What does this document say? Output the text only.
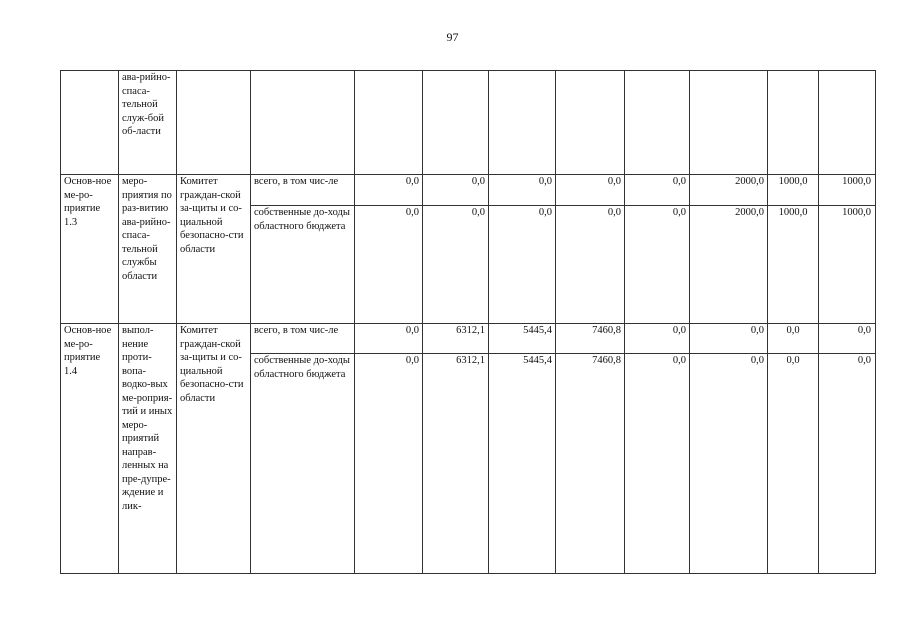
97
	ава-рийно-спаса-тельной служ-бой об-ласти										
Основ-ное ме-ро-приятие 1.3	меро-приятия по раз-витию ава-рийно-спаса-тельной службы области	Комитет граждан-ской за-щиты и со-циальной безопасно-сти области	всего, в том чис-ле	0,0	0,0	0,0	0,0	0,0	2000,0	1000,0	1000,0
			собственные до-ходы областного бюджета	0,0	0,0	0,0	0,0	0,0	2000,0	1000,0	1000,0
Основ-ное ме-ро-приятие 1.4	выпол-нение проти-вопа-водко-вых ме-роприя-тий и иных меро-приятий направ-ленных на пре-дупре-ждение и лик-	Комитет граждан-ской за-щиты и со-циальной безопасно-сти области	всего, в том чис-ле	0,0	6312,1	5445,4	7460,8	0,0	0,0	0,0	0,0
			собственные до-ходы областного бюджета	0,0	6312,1	5445,4	7460,8	0,0	0,0	0,0	0,0
